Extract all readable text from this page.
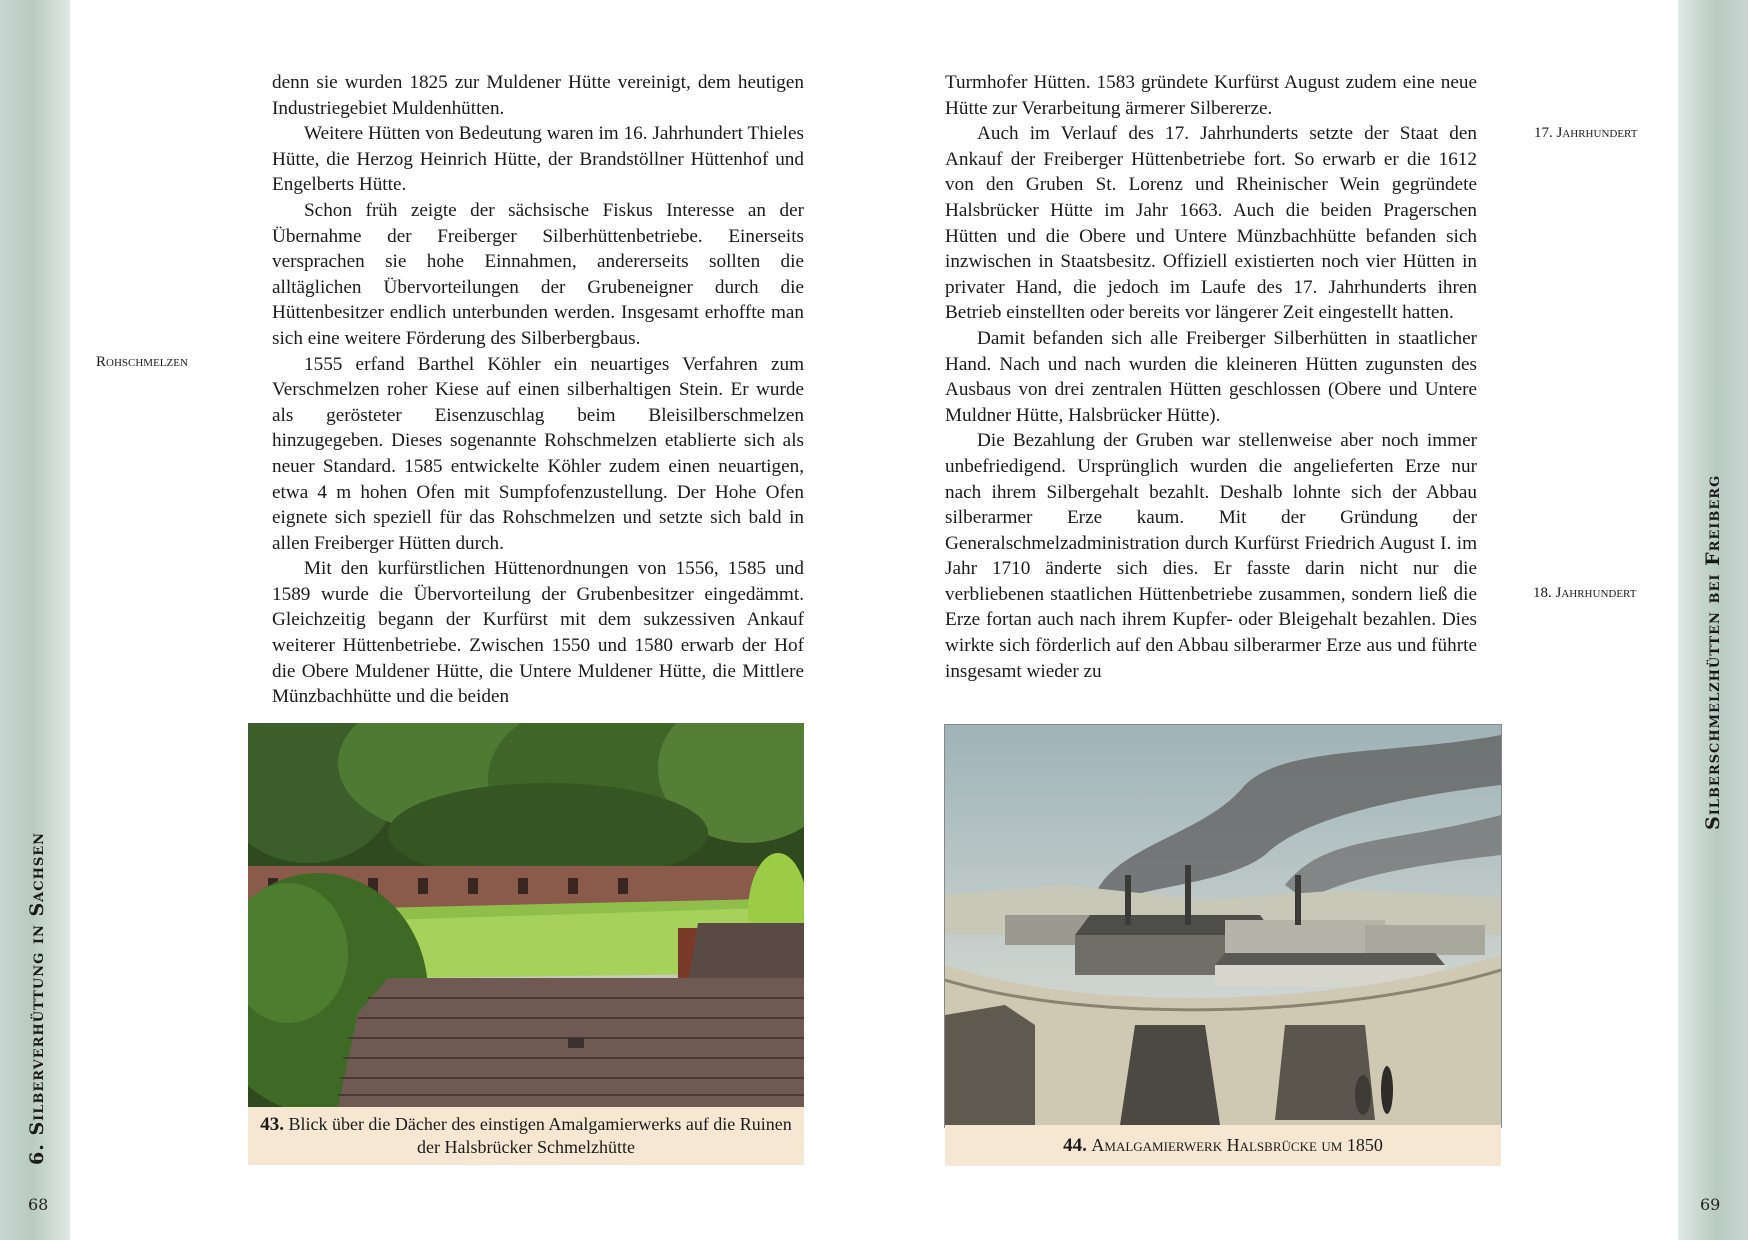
6. Silberverhüttung in Sachsen
Silberschmelzhütten bei Freiberg
68	69
Rohschmelzen
17. Jahrhundert
18. Jahrhundert

denn sie wurden 1825 zur Muldener Hütte vereinigt, dem heutigen Industriegebiet Muldenhütten.

Weitere Hütten von Bedeutung waren im 16. Jahrhundert Thieles Hütte, die Herzog Heinrich Hütte, der Brandstöllner Hüttenhof und Engelberts Hütte.

Schon früh zeigte der sächsische Fiskus Interesse an der Übernahme der Freiberger Silberhüttenbetriebe. Einerseits versprachen sie hohe Einnahmen, andererseits sollten die alltäglichen Übervorteilungen der Grubeneigner durch die Hüttenbesitzer endlich unterbunden werden. Insgesamt erhoffte man sich eine weitere Förderung des Silberbergbaus.

1555 erfand Barthel Köhler ein neuartiges Verfahren zum Verschmelzen roher Kiese auf einen silberhaltigen Stein. Er wurde als gerösteter Eisenzuschlag beim Bleisilberschmelzen hinzugegeben. Dieses sogenannte Rohschmelzen etablierte sich als neuer Standard. 1585 entwickelte Köhler zudem einen neuartigen, etwa 4 m hohen Ofen mit Sumpfofenzustellung. Der Hohe Ofen eignete sich speziell für das Rohschmelzen und setzte sich bald in allen Freiberger Hütten durch.

Mit den kurfürstlichen Hüttenordnungen von 1556, 1585 und 1589 wurde die Übervorteilung der Grubenbesitzer eingedämmt. Gleichzeitig begann der Kurfürst mit dem sukzessiven Ankauf weiterer Hüttenbetriebe. Zwischen 1550 und 1580 erwarb der Hof die Obere Muldener Hütte, die Untere Muldener Hütte, die Mittlere Münzbachhütte und die beiden

Turmhofer Hütten. 1583 gründete Kurfürst August zudem eine neue Hütte zur Verarbeitung ärmerer Silbererze.

Auch im Verlauf des 17. Jahrhunderts setzte der Staat den Ankauf der Freiberger Hüttenbetriebe fort. So erwarb er die 1612 von den Gruben St. Lorenz und Rheinischer Wein gegründete Halsbrücker Hütte im Jahr 1663. Auch die beiden Pragerschen Hütten und die Obere und Untere Münzbachhütte befanden sich inzwischen in Staatsbesitz. Offiziell existierten noch vier Hütten in privater Hand, die jedoch im Laufe des 17. Jahrhunderts ihren Betrieb einstellten oder bereits vor längerer Zeit eingestellt hatten.

Damit befanden sich alle Freiberger Silberhütten in staatlicher Hand. Nach und nach wurden die kleineren Hütten zugunsten des Ausbaus von drei zentralen Hütten geschlossen (Obere und Untere Muldner Hütte, Halsbrücker Hütte).

Die Bezahlung der Gruben war stellenweise aber noch immer unbefriedigend. Ursprünglich wurden die angelieferten Erze nur nach ihrem Silbergehalt bezahlt. Deshalb lohnte sich der Abbau silberarmer Erze kaum. Mit der Gründung der Generalschmelzadministration durch Kurfürst Friedrich August I. im Jahr 1710 änderte sich dies. Er fasste darin nicht nur die verbliebenen staatlichen Hüttenbetriebe zusammen, sondern ließ die Erze fortan auch nach ihrem Kupfer- oder Bleigehalt bezahlen. Dies wirkte sich förderlich auf den Abbau silberarmer Erze aus und führte insgesamt wieder zu

43. Blick über die Dächer des einstigen Amalgamierwerks auf die Ruinen der Halsbrücker Schmelzhütte	44. Amalgamierwerk Halsbrücke um 1850
